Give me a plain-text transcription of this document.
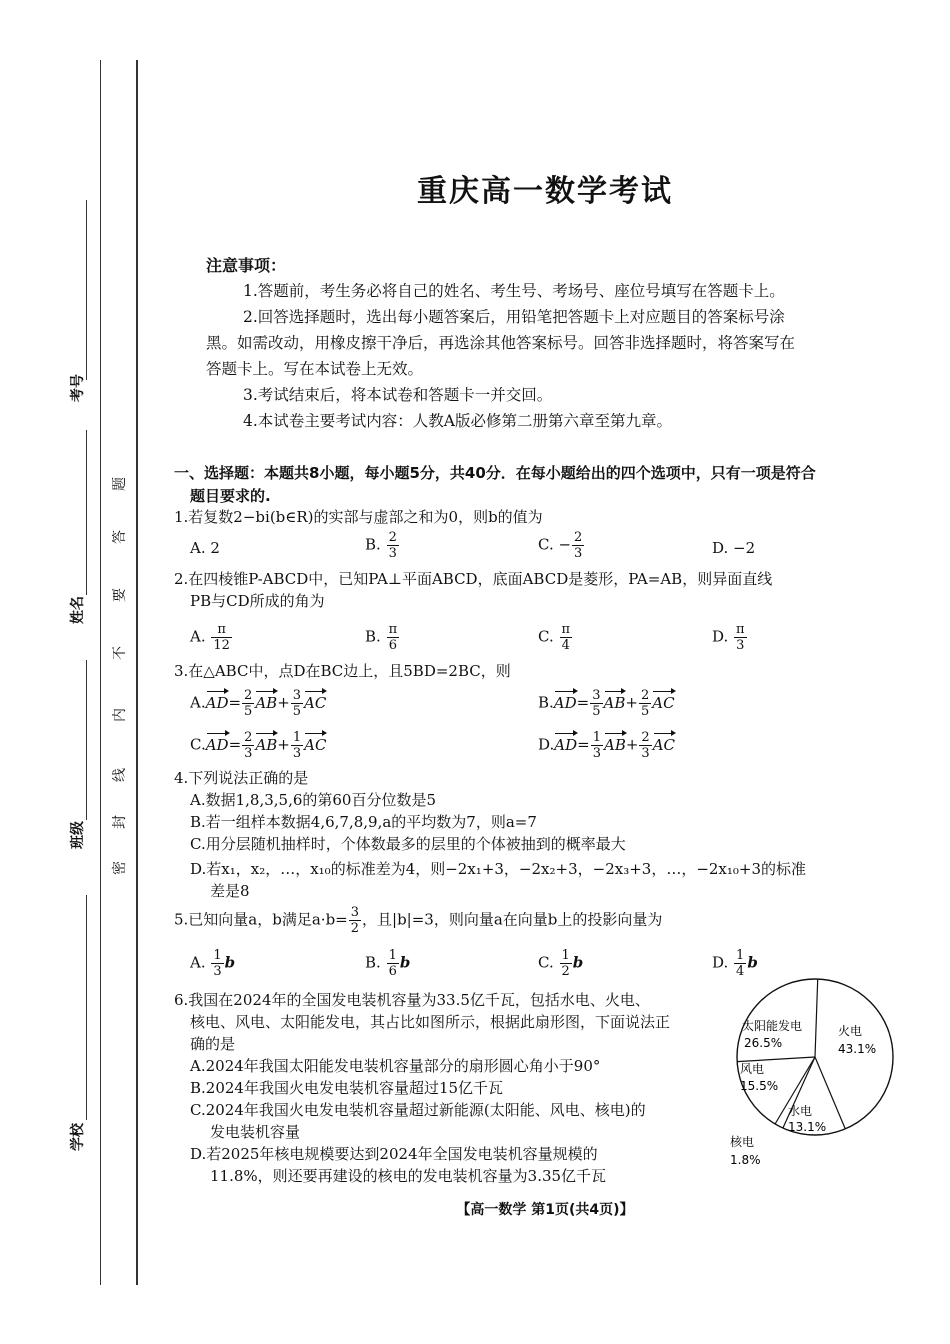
考号
姓名
班级
学校
密
封
线
内
不
要
答
题
重庆高一数学考试
注意事项：
1.答题前，考生务必将自己的姓名、考生号、考场号、座位号填写在答题卡上。
2.回答选择题时，选出每小题答案后，用铅笔把答题卡上对应题目的答案标号涂
黑。如需改动，用橡皮擦干净后，再选涂其他答案标号。回答非选择题时，将答案写在
答题卡上。写在本试卷上无效。
3.考试结束后，将本试卷和答题卡一并交回。
4.本试卷主要考试内容：人教A版必修第二册第六章至第九章。
一、选择题：本题共8小题，每小题5分，共40分．在每小题给出的四个选项中，只有一项是符合
题目要求的.
1.若复数2−bi(b∈R)的实部与虚部之和为0，则b的值为
A. 2	B. $\frac{2}{3}$	C. − $\frac{2}{3}$	D. −2
2.在四棱锥P-ABCD中，已知PA⊥平面ABCD，底面ABCD是菱形，PA=AB，则异面直线
PB与CD所成的角为
A. $\frac{\pi}{12}$	B. $\frac{\pi}{6}$	C. $\frac{\pi}{4}$	D. $\frac{\pi}{3}$
3.在△ABC中，点D在BC边上，且5BD=2BC，则
$A.AD= \frac{2}{5} AB+ \frac{3}{5}$ AC	$B.AD= \frac{3}{5} AB+ \frac{2}{5}$ AC
$C.AD= \frac{2}{3} AB+ \frac{1}{3}$ AC	$D.AD= \frac{1}{3} AB+ \frac{2}{3}$ AC
4.下列说法正确的是
A.数据1,8,3,5,6的第60百分位数是5
B.若一组样本数据4,6,7,8,9,a的平均数为7，则a=7
C.用分层随机抽样时，个体数最多的层里的个体被抽到的概率最大
D.若x₁，x₂，…，x₁₀的标准差为4，则−2x₁+3，−2x₂+3，−2x₃+3，…，−2x₁₀+3的标准
差是8
5.已知向量a，b满足$a\cdot b= \frac{3}{2}$ ，且|b|=3，则向量a在向量b上的投影向量为
A. $\frac{1}{3}$ b	B. $\frac{1}{6}$ b	C. $\frac{1}{2}$ b	D. $\frac{1}{4}$ b
6.我国在2024年的全国发电装机容量为33.5亿千瓦，包括水电、火电、
核电、风电、太阳能发电，其占比如图所示，根据此扇形图，下面说法正
确的是
A.2024年我国太阳能发电装机容量部分的扇形圆心角小于90°
B.2024年我国火电发电装机容量超过15亿千瓦
C.2024年我国火电发电装机容量超过新能源(太阳能、风电、核电)的
发电装机容量
D.若2025年核电规模要达到2024年全国发电装机容量规模的
11.8%，则还要再建设的核电的发电装机容量为3.35亿千瓦
火电
43.1%
水电
13.1%
核电
1.8%
风电
15.5%
太阳能发电
26.5%
【高一数学 第1页(共4页)】
